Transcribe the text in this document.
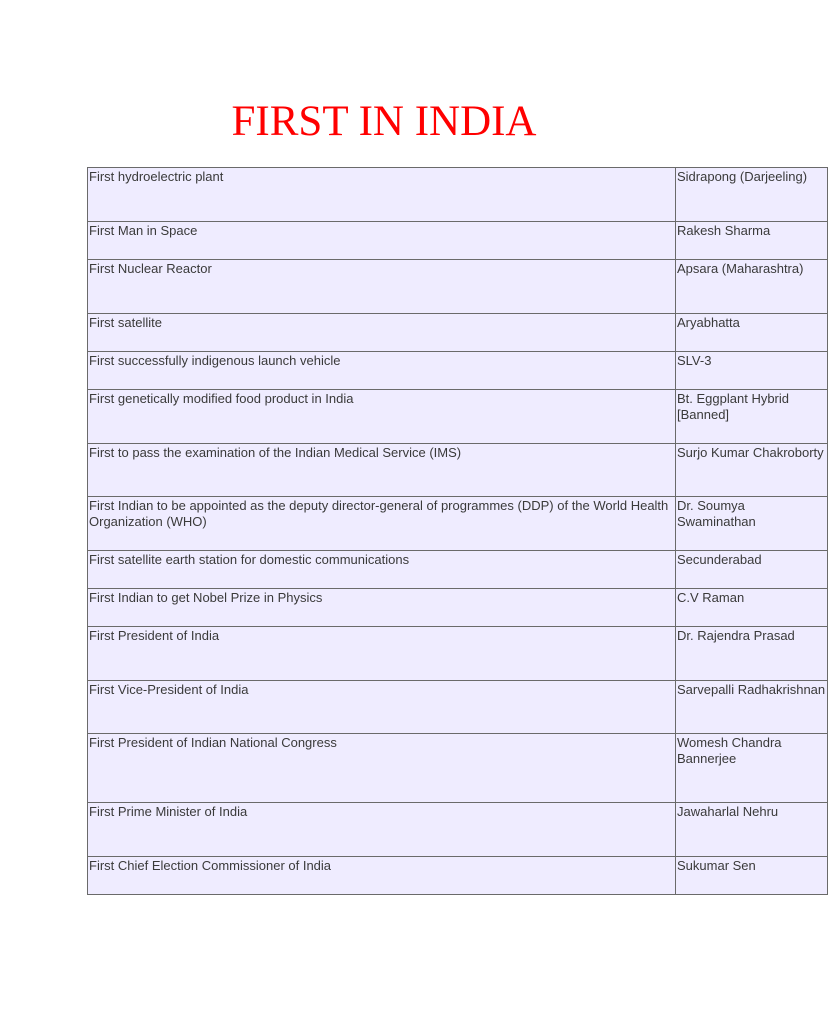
FIRST IN INDIA
First hydroelectric plant	Sidrapong (Darjeeling)

First Man in Space	Rakesh Sharma

First Nuclear Reactor	Apsara (Maharashtra)

First satellite	Aryabhatta

First successfully indigenous launch vehicle	SLV-3

First genetically modified food product in India	Bt. Eggplant Hybrid [Banned]

First to pass the examination of the Indian Medical Service (IMS)	Surjo Kumar Chakroborty

First Indian to be appointed as the deputy director-general of programmes (DDP) of the World Health Organization (WHO)	Dr. Soumya Swaminathan

First satellite earth station for domestic communications	Secunderabad

First Indian to get Nobel Prize in Physics	C.V Raman

First President of India	Dr. Rajendra Prasad

First Vice-President of India	Sarvepalli Radhakrishnan

First President of Indian National Congress	Womesh Chandra Bannerjee

First Prime Minister of India	Jawaharlal Nehru

First Chief Election Commissioner of India	Sukumar Sen
